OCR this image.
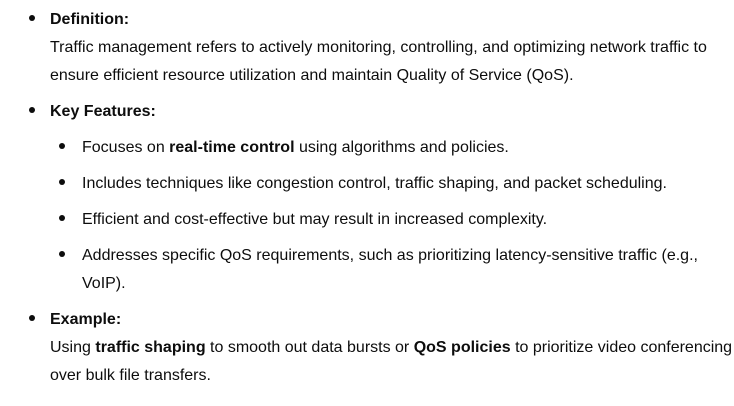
Definition:
Traffic management refers to actively monitoring, controlling, and optimizing network traffic to ensure efficient resource utilization and maintain Quality of Service (QoS).
Key Features:
Focuses on real-time control using algorithms and policies.
Includes techniques like congestion control, traffic shaping, and packet scheduling.
Efficient and cost-effective but may result in increased complexity.
Addresses specific QoS requirements, such as prioritizing latency-sensitive traffic (e.g., VoIP).
Example:
Using traffic shaping to smooth out data bursts or QoS policies to prioritize video conferencing over bulk file transfers.
